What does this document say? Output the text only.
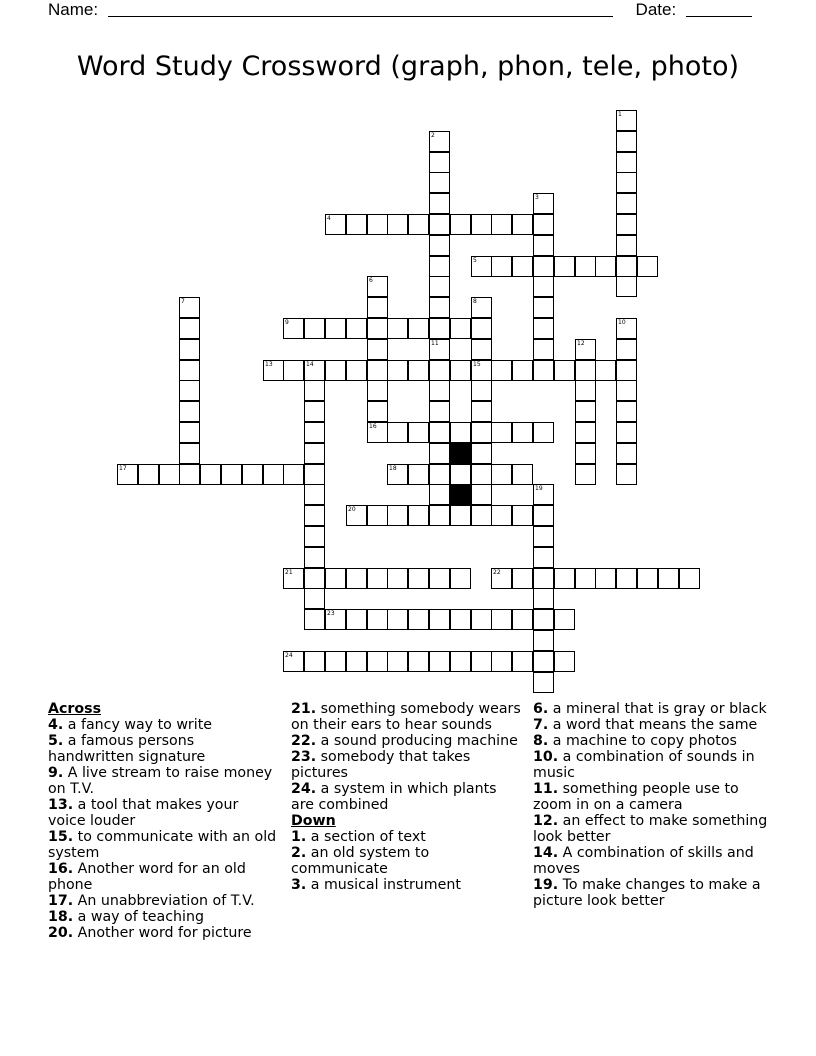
Name:	Date:
Word Study Crossword (graph, phon, tele, photo)
1
2
3
4
5
6
7	8
15
9	10
11	12
13	14
16
17	18
19
20
21	22
23
24
Across
4. a fancy way to write
5. a famous persons handwritten signature
9. A live stream to raise money on T.V.
13. a tool that makes your voice louder
15. to communicate with an old system
16. Another word for an old phone
17. An unabbreviation of T.V.
18. a way of teaching
20. Another word for picture
21. something somebody wears on their ears to hear sounds
22. a sound producing machine
23. somebody that takes pictures
24. a system in which plants are combined
Down
1. a section of text
2. an old system to communicate
3. a musical instrument
6. a mineral that is gray or black
7. a word that means the same
8. a machine to copy photos
10. a combination of sounds in music
11. something people use to zoom in on a camera
12. an effect to make something look better
14. A combination of skills and moves
19. To make changes to make a picture look better
